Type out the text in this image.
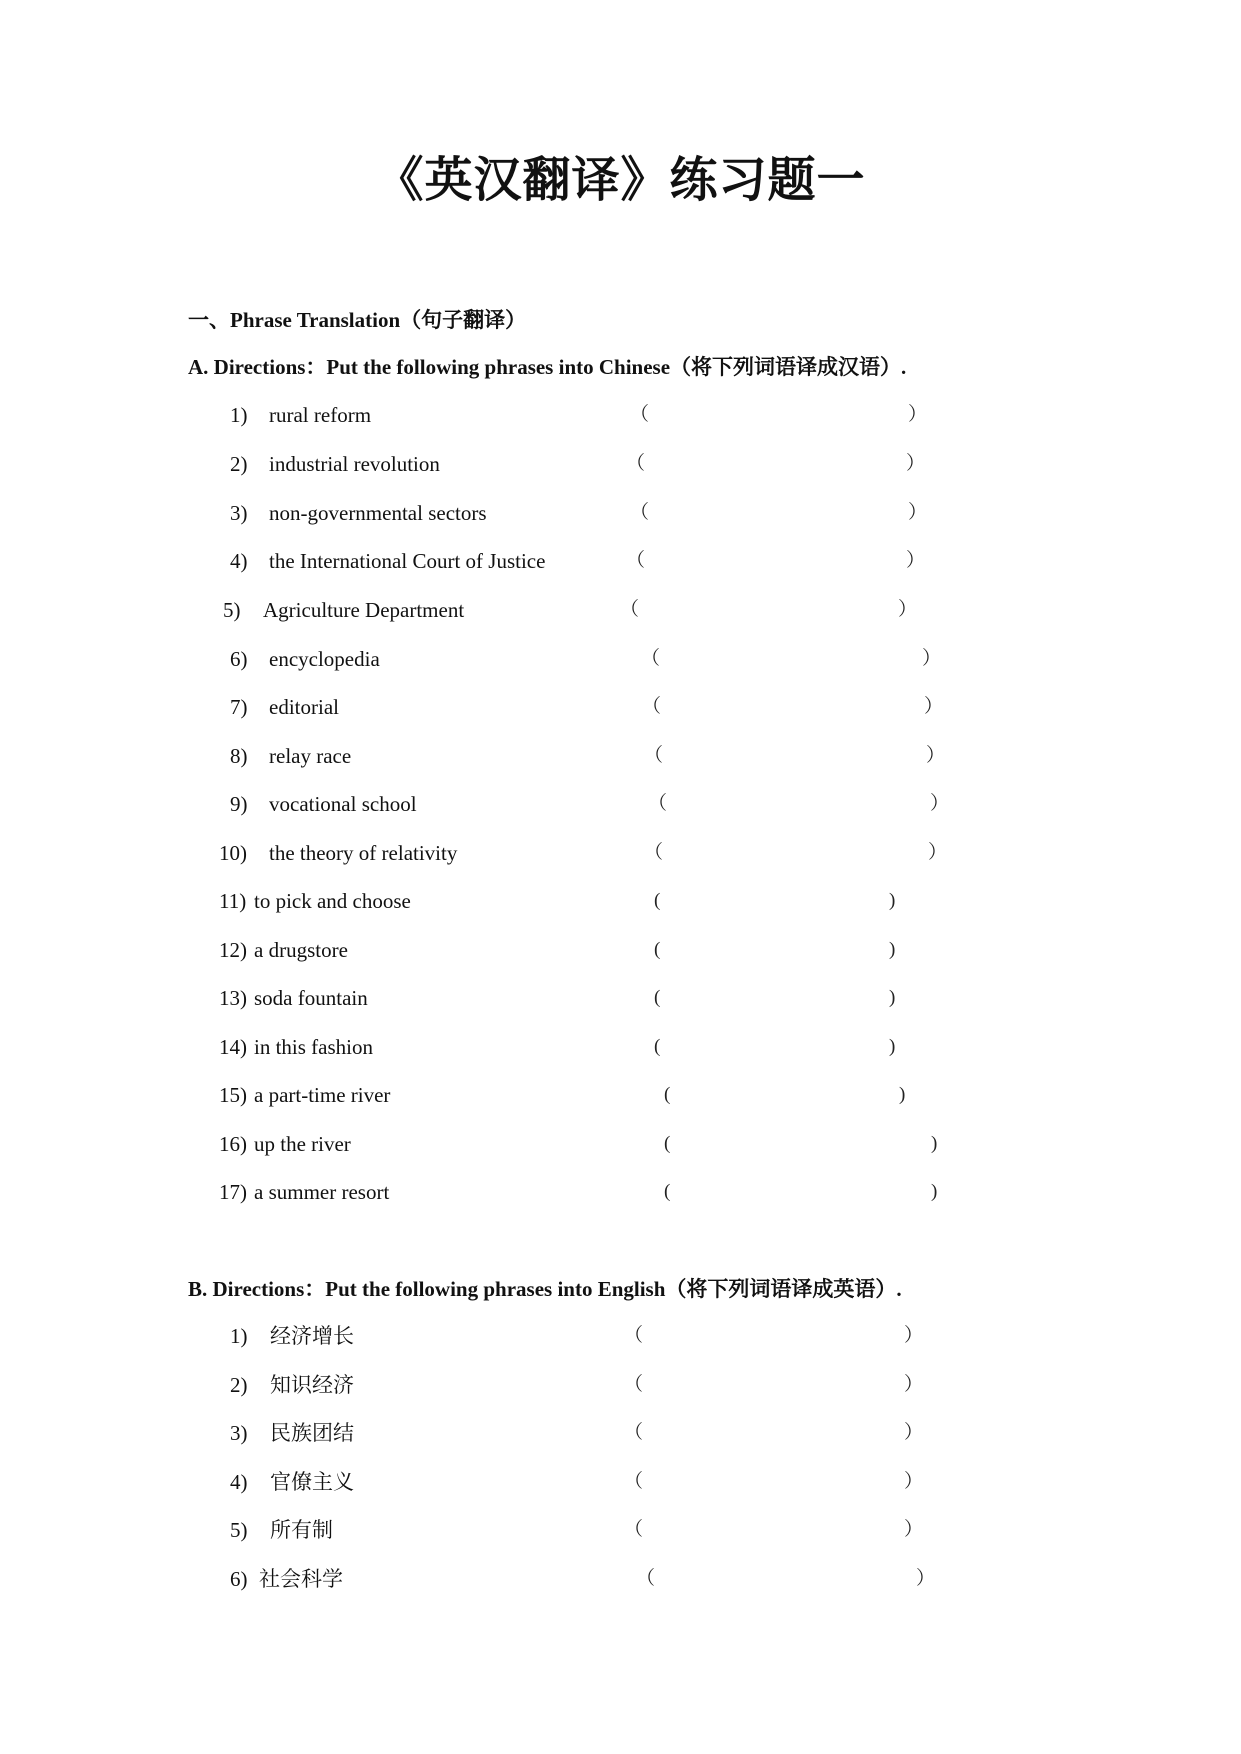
《英汉翻译》练习题一
一、Phrase Translation（句子翻译）
A. Directions：Put the following phrases into Chinese（将下列词语译成汉语）.
1) rural reform	（	）
2) industrial revolution	（	）
3) non-governmental sectors	（	）
4) the International Court of Justice	（	）
5) Agriculture Department	（	）
6) encyclopedia	（	）
7) editorial	（	）
8) relay race	（	）
9) vocational school	（	）
10) the theory of relativity	（	）
11) to pick and choose	(	)
12) a drugstore	(	)
13) soda fountain	(	)
14) in this fashion	(	)
15) a part-time river	(	)
16) up the river	(	)
17) a summer resort	(	)
B. Directions：Put the following phrases into English（将下列词语译成英语）.
1) 经济增长	（	）
2) 知识经济	（	）
3) 民族团结	（	）
4) 官僚主义	（	）
5) 所有制	（	）
6) 社会科学	（	）
